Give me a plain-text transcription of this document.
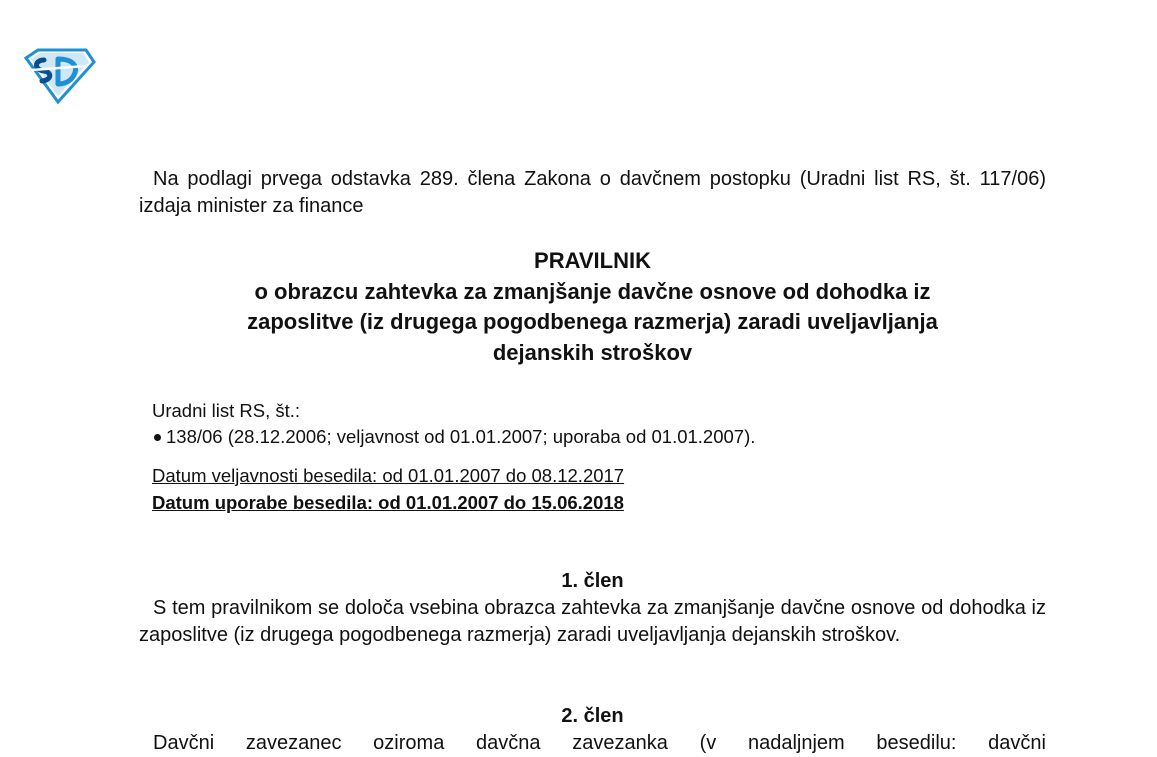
Na podlagi prvega odstavka 289. člena Zakona o davčnem postopku (Uradni list RS, št. 117/06) izdaja minister za finance

PRAVILNIK
o obrazcu zahtevka za zmanjšanje davčne osnove od dohodka iz
zaposlitve (iz drugega pogodbenega razmerja) zaradi uveljavljanja
dejanskih stroškov
Uradni list RS, št.:
138/06 (28.12.2006; veljavnost od 01.01.2007; uporaba od 01.01.2007).
Datum veljavnosti besedila: od 01.01.2007 do 08.12.2017
Datum uporabe besedila: od 01.01.2007 do 15.06.2018
1. člen
S tem pravilnikom se določa vsebina obrazca zahtevka za zmanjšanje davčne osnove od dohodka iz zaposlitve (iz drugega pogodbenega razmerja) zaradi uveljavljanja dejanskih stroškov.
2. člen
Davčni zavezanec oziroma davčna zavezanka (v nadaljnjem besedilu: davčni
